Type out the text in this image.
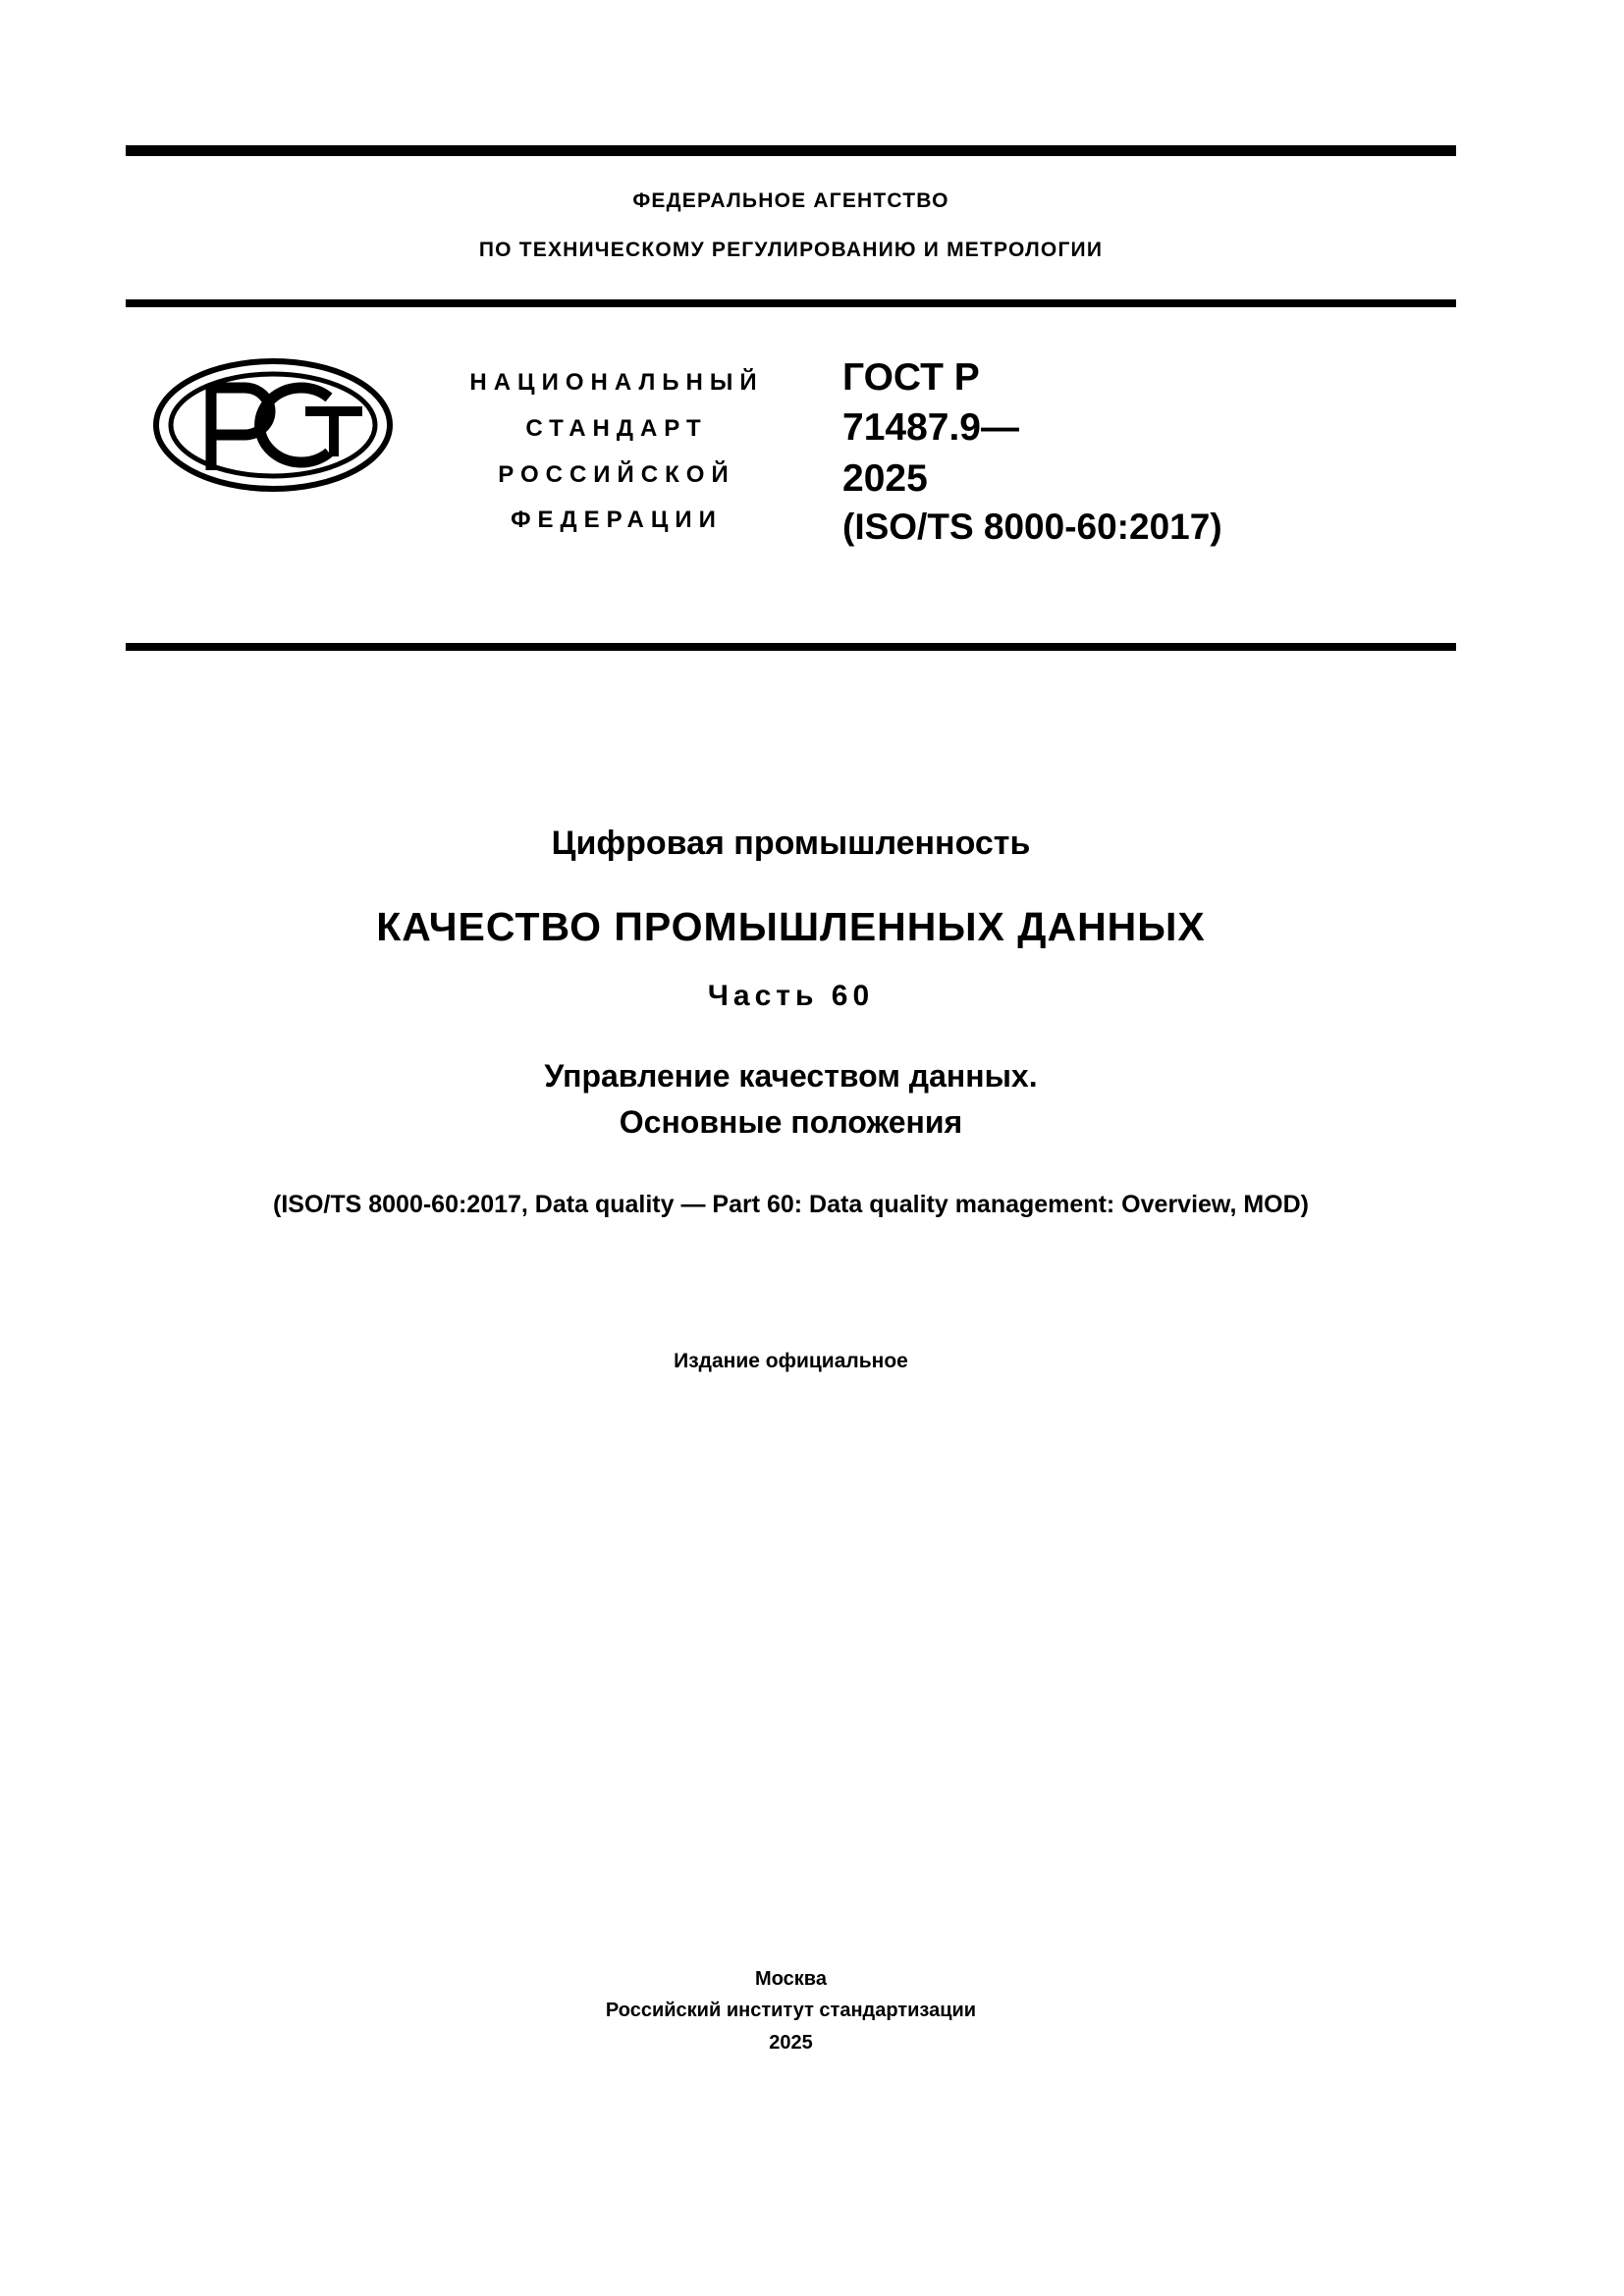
ФЕДЕРАЛЬНОЕ АГЕНТСТВО
ПО ТЕХНИЧЕСКОМУ РЕГУЛИРОВАНИЮ И МЕТРОЛОГИИ
НАЦИОНАЛЬНЫЙ
СТАНДАРТ
РОССИЙСКОЙ
ФЕДЕРАЦИИ
ГОСТ Р
71487.9—
2025
(ISO/TS 8000-60:2017)
Цифровая промышленность
КАЧЕСТВО ПРОМЫШЛЕННЫХ ДАННЫХ
Часть 60
Управление качеством данных.
Основные положения
(ISO/TS 8000-60:2017, Data quality — Part 60: Data quality management: Overview, MOD)
Издание официальное
Москва
Российский институт стандартизации
2025
